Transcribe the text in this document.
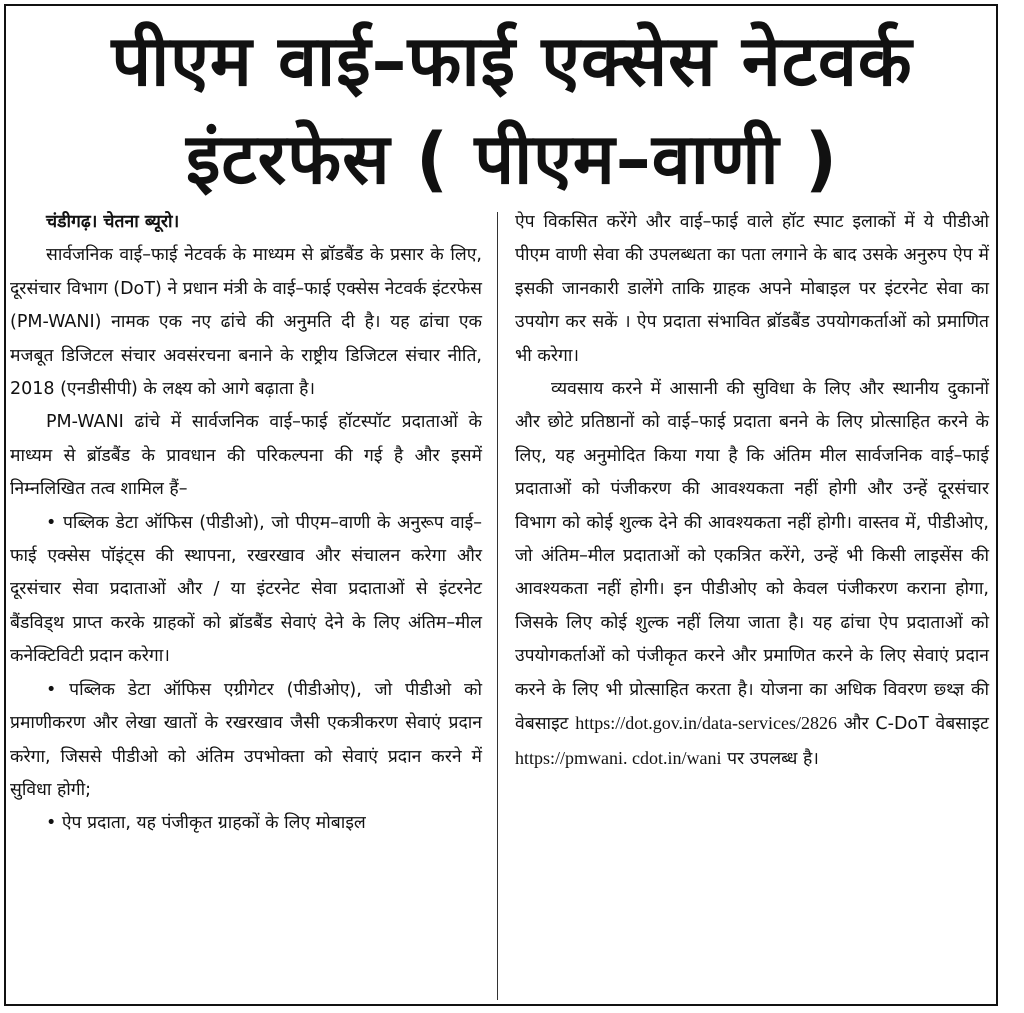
पीएम वाई–फाई एक्सेस नेटवर्क
इंटरफेस ( पीएम–वाणी )

चंडीगढ़। चेतना ब्यूरो।

सार्वजनिक वाई–फाई नेटवर्क के माध्यम से ब्रॉडबैंड के प्रसार के लिए, दूरसंचार विभाग (DoT) ने प्रधान मंत्री के वाई–फाई एक्सेस नेटवर्क इंटरफेस (PM-WANI) नामक एक नए ढांचे की अनुमति दी है। यह ढांचा एक मजबूत डिजिटल संचार अवसंरचना बनाने के राष्ट्रीय डिजिटल संचार नीति, 2018 (एनडीसीपी) के लक्ष्य को आगे बढ़ाता है।

PM-WANI ढांचे में सार्वजनिक वाई–फाई हॉटस्पॉट प्रदाताओं के माध्यम से ब्रॉडबैंड के प्रावधान की परिकल्पना की गई है और इसमें निम्नलिखित तत्व शामिल हैं–

• पब्लिक डेटा ऑफिस (पीडीओ), जो पीएम–वाणी के अनुरूप वाई–फाई एक्सेस पॉइंट्स की स्थापना, रखरखाव और संचालन करेगा और दूरसंचार सेवा प्रदाताओं और / या इंटरनेट सेवा प्रदाताओं से इंटरनेट बैंडविड्थ प्राप्त करके ग्राहकों को ब्रॉडबैंड सेवाएं देने के लिए अंतिम–मील कनेक्टिविटी प्रदान करेगा।

• पब्लिक डेटा ऑफिस एग्रीगेटर (पीडीओए), जो पीडीओ को प्रमाणीकरण और लेखा खातों के रखरखाव जैसी एकत्रीकरण सेवाएं प्रदान करेगा, जिससे पीडीओ को अंतिम उपभोक्ता को सेवाएं प्रदान करने में सुविधा होगी;

• ऐप प्रदाता, यह पंजीकृत ग्राहकों के लिए मोबाइल

ऐप विकसित करेंगे और वाई–फाई वाले हॉट स्पाट इलाकों में ये पीडीओ पीएम वाणी सेवा की उपलब्धता का पता लगाने के बाद उसके अनुरुप ऐप में इसकी जानकारी डालेंगे ताकि ग्राहक अपने मोबाइल पर इंटरनेट सेवा का उपयोग कर सकें । ऐप प्रदाता संभावित ब्रॉडबैंड उपयोगकर्ताओं को प्रमाणित भी करेगा।

व्यवसाय करने में आसानी की सुविधा के लिए और स्थानीय दुकानों और छोटे प्रतिष्ठानों को वाई–फाई प्रदाता बनने के लिए प्रोत्साहित करने के लिए, यह अनुमोदित किया गया है कि अंतिम मील सार्वजनिक वाई–फाई प्रदाताओं को पंजीकरण की आवश्यकता नहीं होगी और उन्हें दूरसंचार विभाग को कोई शुल्क देने की आवश्यकता नहीं होगी। वास्तव में, पीडीओए, जो अंतिम–मील प्रदाताओं को एकत्रित करेंगे, उन्हें भी किसी लाइसेंस की आवश्यकता नहीं होगी। इन पीडीओए को केवल पंजीकरण कराना होगा, जिसके लिए कोई शुल्क नहीं लिया जाता है। यह ढांचा ऐप प्रदाताओं को उपयोगकर्ताओं को पंजीकृत करने और प्रमाणित करने के लिए सेवाएं प्रदान करने के लिए भी प्रोत्साहित करता है। योजना का अधिक विवरण छ्थ्ज्ञ की वेबसाइट https://dot.gov.in/data-services/2826 और C-DoT वेबसाइट https://pmwani. cdot.in/wani पर उपलब्ध है।
